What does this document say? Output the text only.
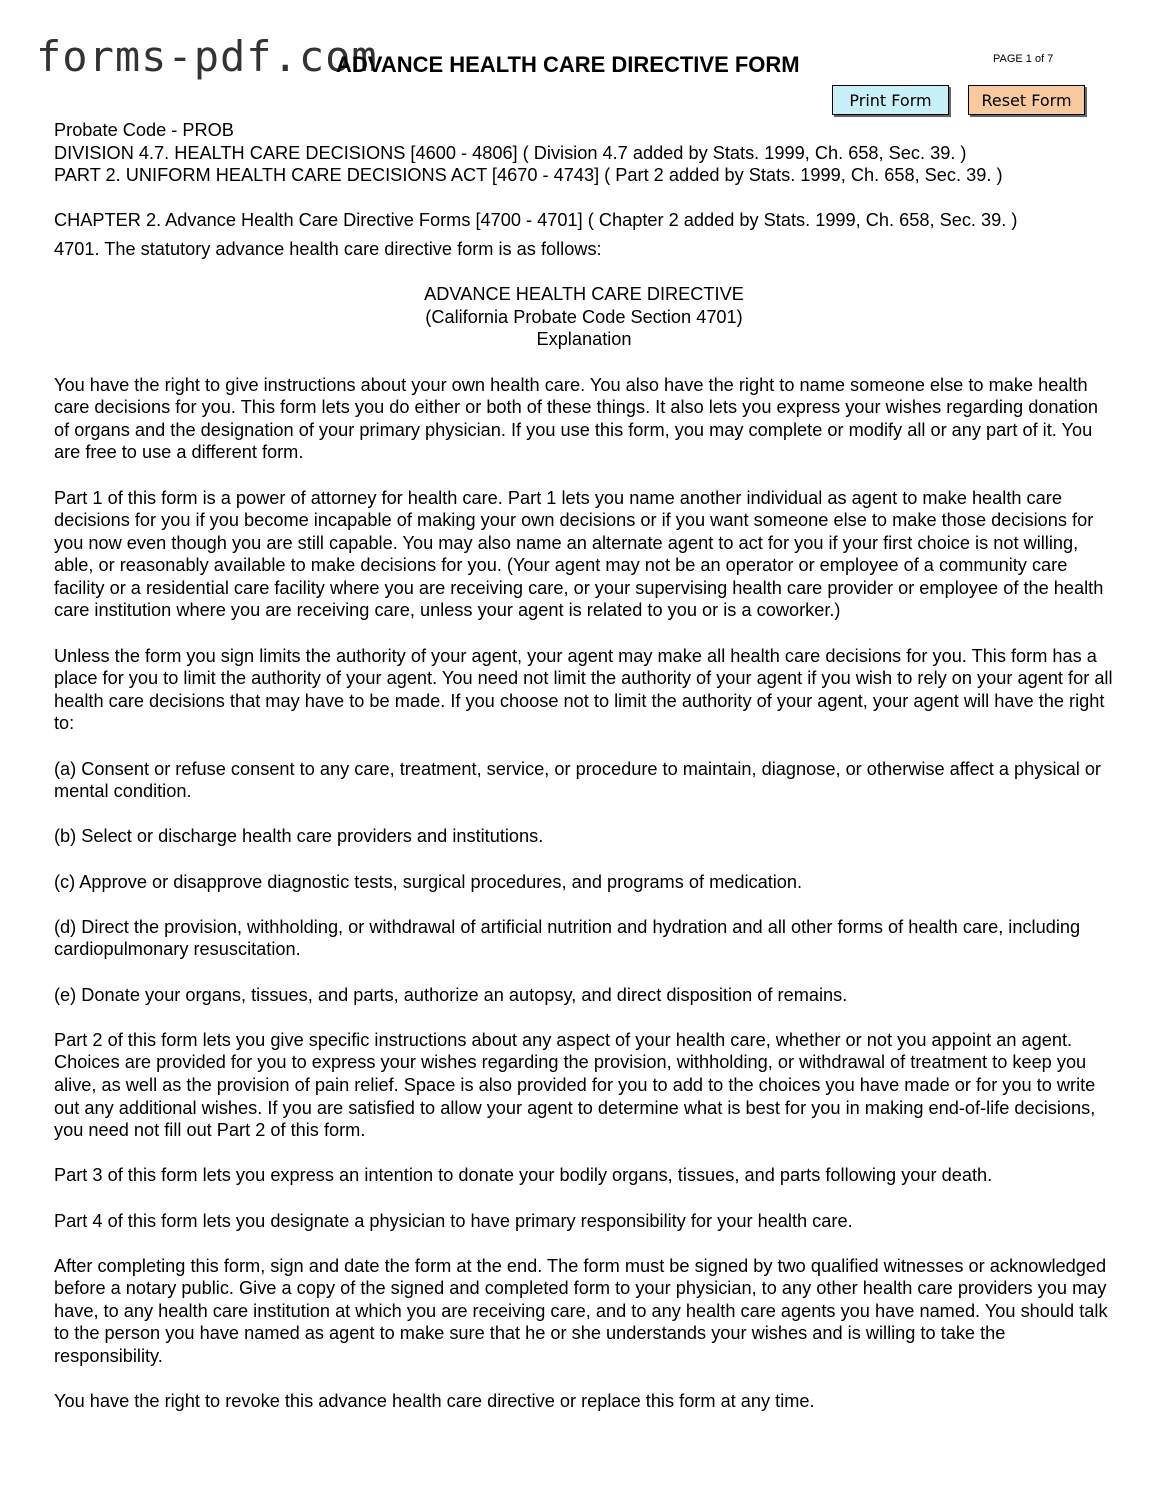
forms-pdf.com
ADVANCE HEALTH CARE DIRECTIVE FORM	PAGE 1 of 7
Print Form	Reset Form

Probate Code - PROB

DIVISION 4.7. HEALTH CARE DECISIONS [4600 - 4806] ( Division 4.7 added by Stats. 1999, Ch. 658, Sec. 39. )

PART 2. UNIFORM HEALTH CARE DECISIONS ACT [4670 - 4743] ( Part 2 added by Stats. 1999, Ch. 658, Sec. 39. )

CHAPTER 2. Advance Health Care Directive Forms [4700 - 4701] ( Chapter 2 added by Stats. 1999, Ch. 658, Sec. 39. )

4701. The statutory advance health care directive form is as follows:

ADVANCE HEALTH CARE DIRECTIVE

(California Probate Code Section 4701)

Explanation

You have the right to give instructions about your own health care. You also have the right to name someone else to make health care decisions for you. This form lets you do either or both of these things. It also lets you express your wishes regarding donation of organs and the designation of your primary physician. If you use this form, you may complete or modify all or any part of it. You are free to use a different form.

Part 1 of this form is a power of attorney for health care. Part 1 lets you name another individual as agent to make health care decisions for you if you become incapable of making your own decisions or if you want someone else to make those decisions for you now even though you are still capable. You may also name an alternate agent to act for you if your first choice is not willing, able, or reasonably available to make decisions for you. (Your agent may not be an operator or employee of a community care facility or a residential care facility where you are receiving care, or your supervising health care provider or employee of the health care institution where you are receiving care, unless your agent is related to you or is a coworker.)

Unless the form you sign limits the authority of your agent, your agent may make all health care decisions for you. This form has a place for you to limit the authority of your agent. You need not limit the authority of your agent if you wish to rely on your agent for all health care decisions that may have to be made. If you choose not to limit the authority of your agent, your agent will have the right to:

(a) Consent or refuse consent to any care, treatment, service, or procedure to maintain, diagnose, or otherwise affect a physical or mental condition.

(b) Select or discharge health care providers and institutions.

(c) Approve or disapprove diagnostic tests, surgical procedures, and programs of medication.

(d) Direct the provision, withholding, or withdrawal of artificial nutrition and hydration and all other forms of health care, including cardiopulmonary resuscitation.

(e) Donate your organs, tissues, and parts, authorize an autopsy, and direct disposition of remains.

Part 2 of this form lets you give specific instructions about any aspect of your health care, whether or not you appoint an agent. Choices are provided for you to express your wishes regarding the provision, withholding, or withdrawal of treatment to keep you alive, as well as the provision of pain relief. Space is also provided for you to add to the choices you have made or for you to write out any additional wishes. If you are satisfied to allow your agent to determine what is best for you in making end-of-life decisions, you need not fill out Part 2 of this form.

Part 3 of this form lets you express an intention to donate your bodily organs, tissues, and parts following your death.

Part 4 of this form lets you designate a physician to have primary responsibility for your health care.

After completing this form, sign and date the form at the end. The form must be signed by two qualified witnesses or acknowledged before a notary public. Give a copy of the signed and completed form to your physician, to any other health care providers you may have, to any health care institution at which you are receiving care, and to any health care agents you have named. You should talk to the person you have named as agent to make sure that he or she understands your wishes and is willing to take the responsibility.

You have the right to revoke this advance health care directive or replace this form at any time.
